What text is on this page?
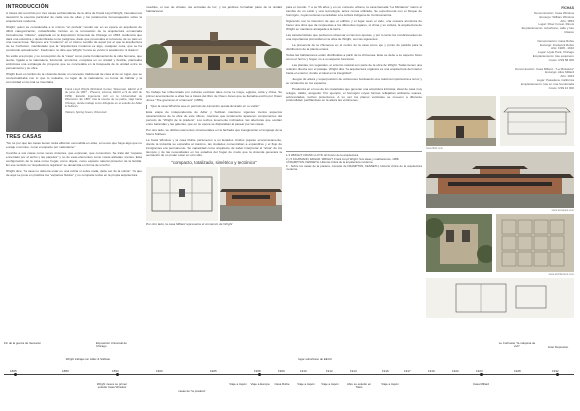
INTRODUCCIÓN

A través del recorrido por tres casas emblemáticas de la obra de Frank Lloyd Wright, intentaremos descubrir la esencia particular de cada una de ellas y los parámetros homenajeados sobre la arquitectura moderna.

Wright, quien se consideraba a sí mismo "un profeta" resultó ser en su época un arquitecto de difícil categorización, inclasificable incluso en la renovación de la arquitectura enmarcada formalmente "clásico", adoptada en la Exposición Universal de Chicago en 1893. Audiencia que dará una ecléctica y deslumbrada como peligrosa, dado que provocaba el retroceso de su país en una nueva línea. Tampoco era "moderno" en el mismo sentido de aquel por el que la arquitectura de Le Corbusier, manifestado que la "arquitectura moderna es algo, cualquier cosa, que se ha construido actualmente". Kaufmann no dice que Wright "nunca se volvió ni académico ni clásico".

Su estilo era propio y su concepción de la "casa" como parte fundamental de la vida humana, que siente, ligada a la naturaleza, funcional, armónica, completa en su unidad y flexible, planteaba ambiciosa una estrategia de proyecto que se concretaba en la búsqueda de la unidad entre su pensamiento y su obra.

Wright llevó el cambio de la vivienda desde un concepto tradicional de casa al de un lugar, que se contextualizaba con lo que lo rodeaba, su lugar de la naturaleza, su forma de habitar y la comunidad en la cual se insertaba.

Frank Lloyd Wright (Richland Center, Wisconsin, EEUU el 8 de junio de 1867 - Phoenix, Arizona, EEUU el 9 de abril de 1959). Estudió ingeniería civil en la Universidad de Wisconsin. En 1887, tras la muerte de su padre, viajó hacia Chicago, donde trabajó como dibujante en el estudio de Adler & Sullivan.
Taliesin, Spring Green, Wisconsin
TRES CASAS

"No sé por qué las casas tienen tanta aflicción escondida en ellas, a menos que haya algo que no encaje o termine, como el espacio por naturaleza."

Concibe a sus casas como seres vivientes, que expresan, que comunican. Se trata del "espacio encerrado por el techo y las paredes" y no de esas elementos como cosas aisladas, inertes. Esta configuración de la casa como hogar, como objeto, como espacio natural protector de la familia. En ese sentido su "arquitectura orgánica" se desarrolla en forma de una flor.

Wright dice, "la casa no debería estar en una colina ni sobre nada, debe ser de la colina". Ya que de aquí se pone en práctica los "espacios fluidos" y no comparte todos en la propia arquitectura.

muebles, el uso de vitrales, las entradas de luz, y los jardines formaban parte de la unidad habitacional.

Su trabajo fue influenciado por culturas exóticas tales como la maya, egipcia, celta y china. Su primer acercamiento a ellas fue a través del libro de Owen Jones que se llamaba escrito por Owen Jones "The grammar of ornament" (1856).

"Que la casa Winslow sea un período de transición queda ilustrado en su estilo"

Esta etapa de independencia de Adler y Sullivan mantiene vigentes ciertos aspectos característicos de la obra de este último, mientras que lentamente aparecen componentes del período de "Wright de la pradera". Los techos levemente inclinados, las aberturas que ocultan entre barandas y las galerías, que en su época se disparaban al pasear por las casas.

Por otro lado, se utilizan elementos ornamentales en la fachada que inaugurarían el lenguaje de la futura Sullivan.

La Casa Winslow y la casa Robie pertenecen a un Estados Unidos pujante económicamente, donde la industria se expandía al máximo, las ciudades comenzaban a expandirse y el flujo de inmigrantes era permanente. Su capacidad como arquitecto de saber interpretar el "alma" de los tiempos y de las necesidades en los estadios del hogar de modo que la vivienda generara la sensación de no poder estar en otro sitio.

"compacto, totalizado, simétrico y tectónico"
Por otro lado, la casa Millard representa el comienzo de Wright

para el mundo. Y a su 56 años y en un contexto urbano, la casa llamada "La Miniatura" marcó el cambio de un estilo y una tecnología, antes nunca utilizada. Se experimenta con el bloque de hormigón, cuyas texturas recordaban a la cultura indígena de Centroamérica.

Siguiendo con la intención de que el edificio y el lugar sean el todo, una manera armónica de hacer una obra que dé respuestas a los diferentes lugares, el clima y su cultura, la arquitectura de Wright se mantiene arraigada a la tierra.

Las características que podremos observar en las tres épocas, y por lo tanto los condicionantes de una importancia primordial en la obra de Wright, son las siguientes:

La presencia de la chimenea en el centro de la casa como eje y punto de partida para la distribución de la planta entera.

Todas las habitaciones están distribuidas a partir de la chimenea. Este se debe a su aspecto físico como el horno y hogar, no a su aspecto funcional.

Las plantas, los vegetales, el entorno natural son parte de la obra de Wright. Todas tienen una relación directa con el paisaje. Wright dice "la arquitectura orgánica es una arquitectura del interior hacia el exterior, donde el ideal es la integridad".

Juegos de altura y superposición de volúmenes bordeando una máxima importancia a la luz y su incidencia en los espacios.

Prudencia en el uso de los materiales que generan una atmósfera intimista, ideal de casa muy refugio, cálido, acogedor. Por ejemplo, el hormigón cuyas formas reflejaban ambiente suaves, sobrevoladas, techos protectores. A su vez los planos verticales se mueven a diferente profundidad, perfilándose en la altura las volúmenes.

1-3 WRIGHT, FRANK LLOYD. El Futuro de la arquitectura.
2 y 5 KAUFMANN, EDGAR. WRIGHT. Frank Lloyd Wright: Sus ideas y realizaciones. 1968.
4 FRAMPTON, KENNETH. Historia crítica de la arquitectura moderna.
6 - Sobre los casas de la pradera, consulte de FRAMPTON, KENNETH, Historia crítica de la arquitectura moderna.
FICHAS
Denominación: Casa Winslow
Encargo: William Winslow
Año: 1893
Lugar: River Forest, Illinois
Emplazamiento: suburbano, calle y lote
Clásico
Denominación: Casa Robie
Encargo: Frederick Robie
Año: 1908 - 1910
Lugar: Hyde Park, Chicago
Emplazamiento: lote esquinero
Costo: US$ 58 000
Denominación: Casa Millard - "La Miniatura"
Encargo: Alice Millard
Año: 1923
Lugar: Pasadena, California
Emplazamiento: lote en una hondonada
Costo: US$ 10 000
www.flickr.com
www.arcspace.com
www.architecture.com
Fin de la guerra de Secesión	Exposición Universal de Chicago
Le Corbusier "la máquina de vivir"	Gran Depresión
Wright trabaja con Adler & Sullivan	lugar suburbano de EEUU
1865	1880	1893	1900	1905	1908	1909	1910	1912	1913	1916	1917	1919	1922	1923	1928	1932
Wright muere su primer estudio Casa Winslow
casas de "la pradera"
Viaje a Japón	Viaje a Europa	Casa Robie	Viaje a Japón	Viaje a Japón	Abre su estudio en Tokio
Viaje a Japón	Casa Millard
